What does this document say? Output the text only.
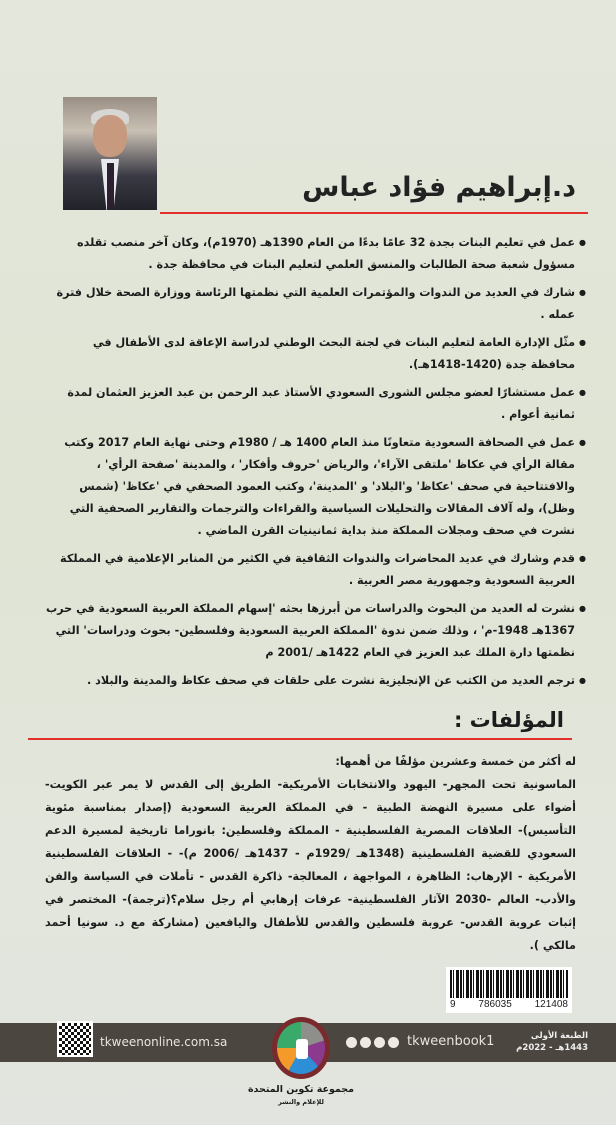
د.إبراهيم فؤاد عباس
● عمل في تعليم البنات بجدة 32 عامًا بدءًا من العام 1390هـ (1970م)، وكان آخر منصب تقلده مسؤول شعبة صحة الطالبات والمنسق العلمي لتعليم البنات في محافظة جدة .
● شارك في العديد من الندوات والمؤتمرات العلمية التي نظمتها الرئاسة ووزارة الصحة خلال فترة عمله .
● مثّل الإدارة العامة لتعليم البنات في لجنة البحث الوطني لدراسة الإعاقة لدى الأطفال في محافظة جدة (1420-1418هـ).
● عمل مستشارًا لعضو مجلس الشورى السعودي الأستاذ عبد الرحمن بن عبد العزيز العثمان لمدة ثمانية أعوام .
● عمل في الصحافة السعودية متعاونًا منذ العام 1400 هـ / 1980م وحتى نهاية العام 2017 وكتب مقالة الرأي في عكاظ 'ملتقى الآراء'، والرياض 'حروف وأفكار' ، والمدينة 'صفحة الرأي' ، والافتتاحية في صحف 'عكاظ' و'البلاد' و 'المدينة'، وكتب العمود الصحفي في 'عكاظ' (شمس وظل)، وله آلاف المقالات والتحليلات السياسية والقراءات والترجمات والتقارير الصحفية التي نشرت في صحف ومجلات المملكة منذ بداية ثمانينيات القرن الماضي .
● قدم وشارك في عديد المحاضرات والندوات الثقافية في الكثير من المنابر الإعلامية في المملكة العربية السعودية وجمهورية مصر العربية .
● نشرت له العديد من البحوث والدراسات من أبرزها بحثه 'إسهام المملكة العربية السعودية في حرب 1367هـ 1948-م' ، وذلك ضمن ندوة 'المملكة العربية السعودية وفلسطين- بحوث ودراسات' التي نظمتها دارة الملك عبد العزيز في العام 1422هـ /2001 م
● ترجم العديد من الكتب عن الإنجليزية نشرت على حلقات في صحف عكاظ والمدينة والبلاد .
المؤلفات :
له أكثر من خمسة وعشرين مؤلفًا من أهمها:
الماسونية تحت المجهر- اليهود والانتخابات الأمريكية- الطريق إلى القدس لا يمر عبر الكويت- أضواء على مسيرة النهضة الطبية - في المملكة العربية السعودية (إصدار بمناسبة مئوية التأسيس)- العلاقات المصرية الفلسطينية - المملكة وفلسطين: بانوراما تاريخية لمسيرة الدعم السعودي للقضية الفلسطينية (1348هـ /1929م - 1437هـ /2006 م)- - العلاقات الفلسطينية الأمريكية - الإرهاب: الظاهرة ، المواجهة ، المعالجة- ذاكرة القدس - تأملات في السياسة والفن والأدب- العالم -2030 الآثار الفلسطينية- عرفات إرهابي أم رجل سلام؟(ترجمة)- المختصر في إثبات عروبة القدس- عروبة فلسطين والقدس للأطفال واليافعين (مشاركة مع د. سونيا أحمد مالكي ).
9 786035 121408
tkweenonline.com.sa	tkweenbook1	الطبعة الأولى
1443هـ - 2022م
مجموعة تكوين المتحدة
للإعلام والنشر
